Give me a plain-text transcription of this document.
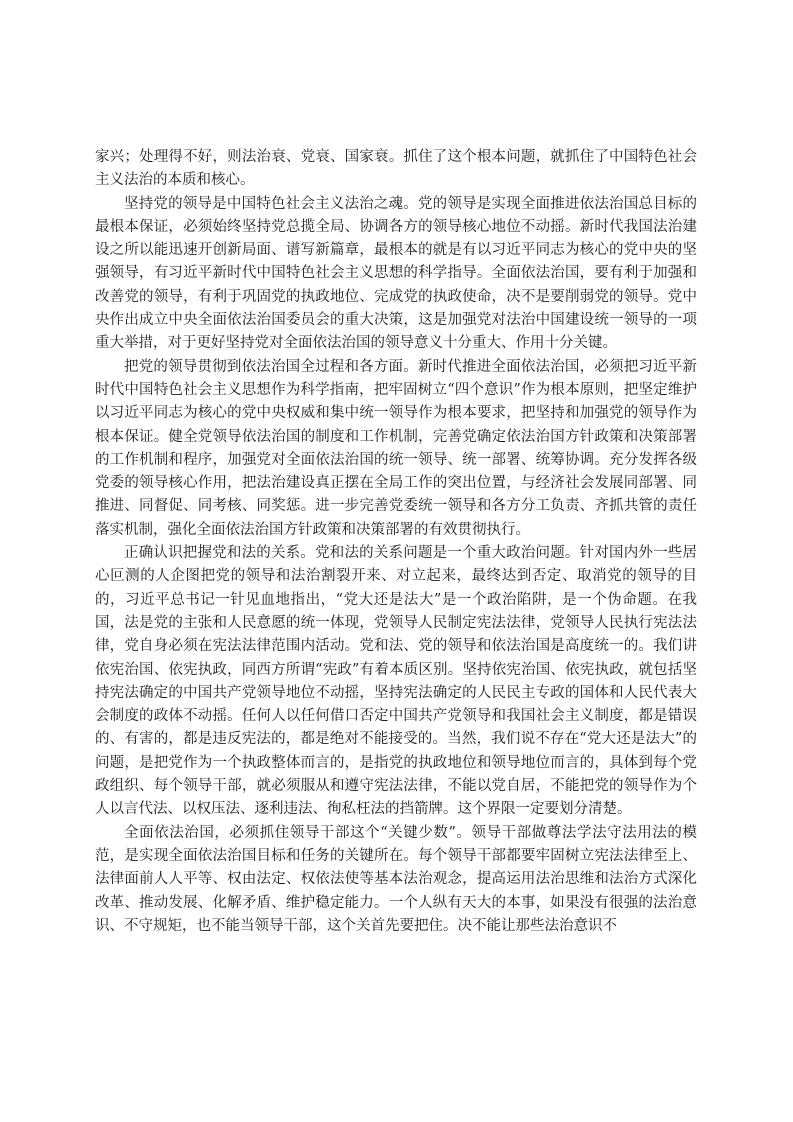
家兴；处理得不好，则法治衰、党衰、国家衰。抓住了这个根本问题，就抓住了中国特色社会主义法治的本质和核心。

坚持党的领导是中国特色社会主义法治之魂。党的领导是实现全面推进依法治国总目标的最根本保证，必须始终坚持党总揽全局、协调各方的领导核心地位不动摇。新时代我国法治建设之所以能迅速开创新局面、谱写新篇章，最根本的就是有以习近平同志为核心的党中央的坚强领导，有习近平新时代中国特色社会主义思想的科学指导。全面依法治国，要有利于加强和改善党的领导，有利于巩固党的执政地位、完成党的执政使命，决不是要削弱党的领导。党中央作出成立中央全面依法治国委员会的重大决策，这是加强党对法治中国建设统一领导的一项重大举措，对于更好坚持党对全面依法治国的领导意义十分重大、作用十分关键。

把党的领导贯彻到依法治国全过程和各方面。新时代推进全面依法治国，必须把习近平新时代中国特色社会主义思想作为科学指南，把牢固树立“四个意识”作为根本原则，把坚定维护以习近平同志为核心的党中央权威和集中统一领导作为根本要求，把坚持和加强党的领导作为根本保证。健全党领导依法治国的制度和工作机制，完善党确定依法治国方针政策和决策部署的工作机制和程序，加强党对全面依法治国的统一领导、统一部署、统筹协调。充分发挥各级党委的领导核心作用，把法治建设真正摆在全局工作的突出位置，与经济社会发展同部署、同推进、同督促、同考核、同奖惩。进一步完善党委统一领导和各方分工负责、齐抓共管的责任落实机制，强化全面依法治国方针政策和决策部署的有效贯彻执行。

正确认识把握党和法的关系。党和法的关系问题是一个重大政治问题。针对国内外一些居心叵测的人企图把党的领导和法治割裂开来、对立起来，最终达到否定、取消党的领导的目的，习近平总书记一针见血地指出，“党大还是法大”是一个政治陷阱，是一个伪命题。在我国，法是党的主张和人民意愿的统一体现，党领导人民制定宪法法律，党领导人民执行宪法法律，党自身必须在宪法法律范围内活动。党和法、党的领导和依法治国是高度统一的。我们讲依宪治国、依宪执政，同西方所谓“宪政”有着本质区别。坚持依宪治国、依宪执政，就包括坚持宪法确定的中国共产党领导地位不动摇，坚持宪法确定的人民民主专政的国体和人民代表大会制度的政体不动摇。任何人以任何借口否定中国共产党领导和我国社会主义制度，都是错误的、有害的，都是违反宪法的，都是绝对不能接受的。当然，我们说不存在“党大还是法大”的问题，是把党作为一个执政整体而言的，是指党的执政地位和领导地位而言的，具体到每个党政组织、每个领导干部，就必须服从和遵守宪法法律，不能以党自居，不能把党的领导作为个人以言代法、以权压法、逐利违法、徇私枉法的挡箭牌。这个界限一定要划分清楚。

全面依法治国，必须抓住领导干部这个“关键少数”。领导干部做尊法学法守法用法的模范，是实现全面依法治国目标和任务的关键所在。每个领导干部都要牢固树立宪法法律至上、法律面前人人平等、权由法定、权依法使等基本法治观念，提高运用法治思维和法治方式深化改革、推动发展、化解矛盾、维护稳定能力。一个人纵有天大的本事，如果没有很强的法治意识、不守规矩，也不能当领导干部，这个关首先要把住。决不能让那些法治意识不
